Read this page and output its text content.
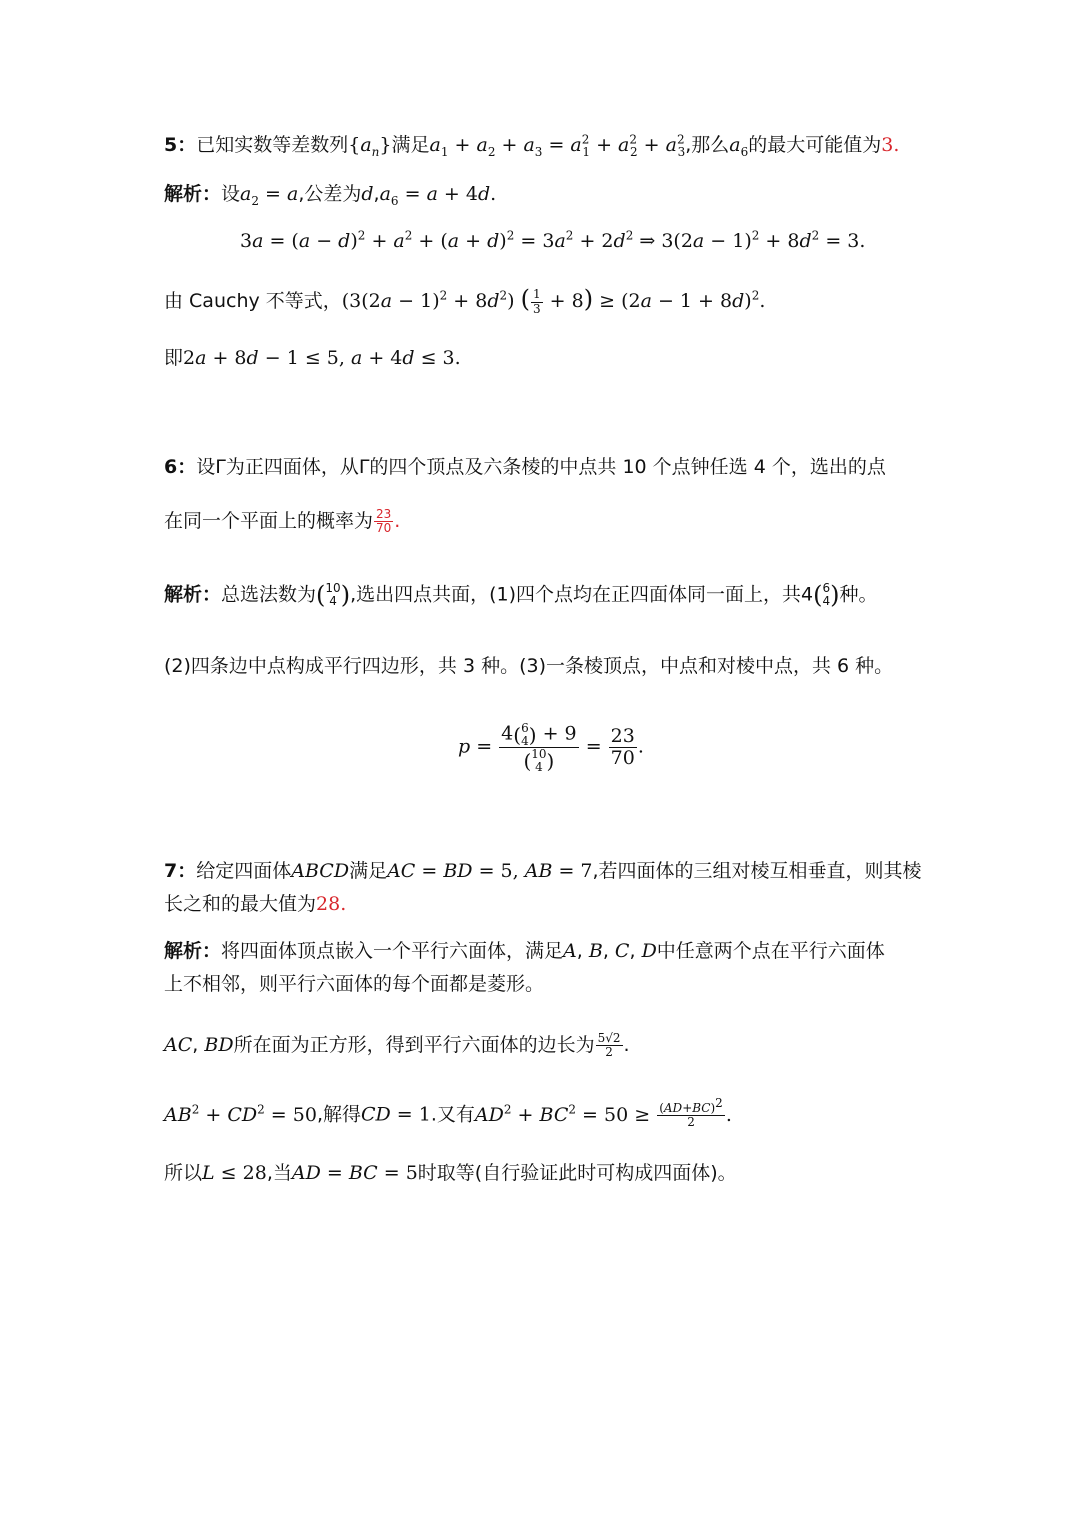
5：已知实数等差数列$\{a_n\}$满足$a_1 + a_2 + a_3 = a^2_1 + a^2_2 + a^2_3$,那么$a_6$的最大可能值为3.
解析：设$a_2 = a$,公差为$d,a_6 = a + 4d$.
$3a = (a - d)^2 + a^2 + (a + d)^2 = 3a^2 + 2d^2$ ⇒ $3(2a - 1)^2 + 8d^2 = 3$.
由 Cauchy 不等式，$(3(2a - 1)^2 + 8d^2)$ ( $\frac{1}{3} + 8) \ge (2a - 1 + 8d)^2$.
即2a + 8d − 1 ≤ 5, a + 4d ≤ 3.
6：设Γ为正四面体，从Γ的四个顶点及六条棱的中点共 10 个点钟任选 4 个，选出的点
在同一个平面上的概率为 $\frac{23}{70}$ .
解析：总选法数为 ( 10
4 ) ,选出四点共面，(1)四个点均在正四面体同一面上，共4 ( 6
4 ) 种。
(2)四条边中点构成平行四边形，共 3 种。(3)一条棱顶点，中点和对棱中点，共 6 种。
p = 4 ( 6
4 ) + 9
( 10
4 ) = $\frac{23}{70}$ .
7：给定四面体ABCD满足AC = BD = 5, AB = 7,若四面体的三组对棱互相垂直，则其棱
长之和的最大值为28.
解析：将四面体顶点嵌入一个平行六面体，满足A, B, C, D中任意两个点在平行六面体
上不相邻，则平行六面体的每个面都是菱形。
AC, BD所在面为正方形，得到平行六面体的边长为 $\frac{5√2}{2}$ .
$AB^2 + CD^2 = 50$,解得CD = 1.又有$AD^2 + BC^2 = 50 \ge \frac{(AD+BC)^2}{2}$ .
所以L ≤ 28,当AD = BC = 5时取等(自行验证此时可构成四面体)。
